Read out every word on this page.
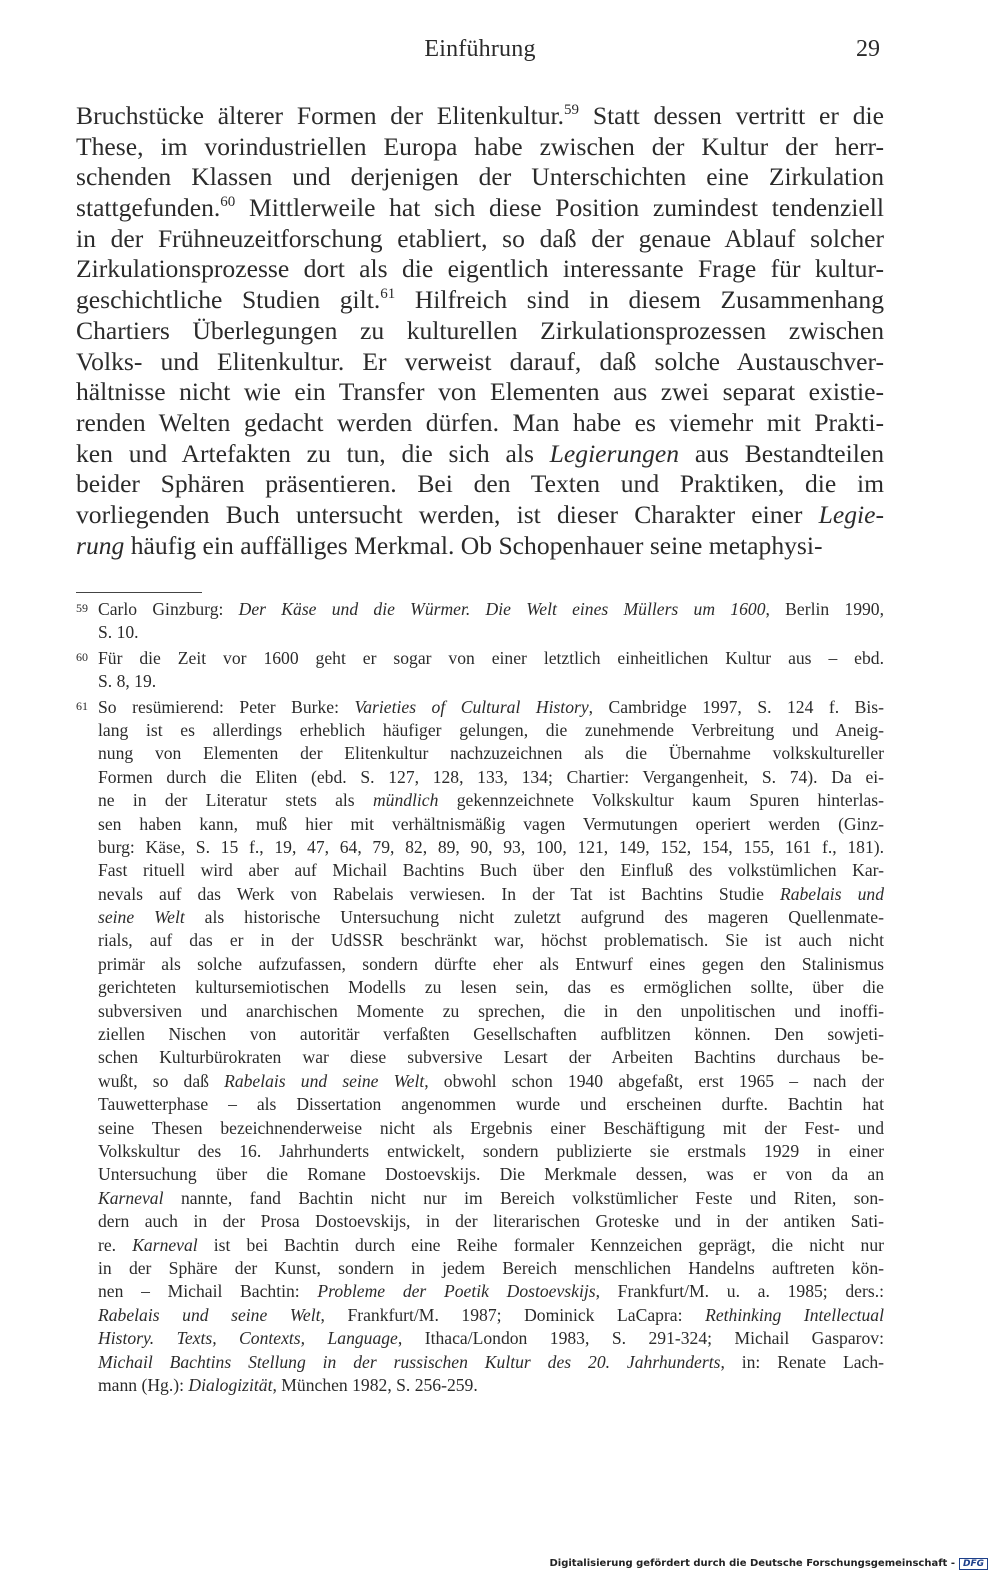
Einführung	29
Bruchstücke älterer Formen der Elitenkultur.$^{59}$ Statt dessen vertritt er die
These, im vorindustriellen Europa habe zwischen der Kultur der herr-
schenden Klassen und derjenigen der Unterschichten eine Zirkulation
stattgefunden.$^{60}$ Mittlerweile hat sich diese Position zumindest tendenziell
in der Frühneuzeitforschung etabliert, so daß der genaue Ablauf solcher
Zirkulationsprozesse dort als die eigentlich interessante Frage für kultur-
geschichtliche Studien gilt.$^{61}$ Hilfreich sind in diesem Zusammenhang
Chartiers Überlegungen zu kulturellen Zirkulationsprozessen zwischen
Volks- und Elitenkultur. Er verweist darauf, daß solche Austauschver-
hältnisse nicht wie ein Transfer von Elementen aus zwei separat existie-
renden Welten gedacht werden dürfen. Man habe es viemehr mit Prakti-
ken und Artefakten zu tun, die sich als Legierungen aus Bestandteilen
beider Sphären präsentieren. Bei den Texten und Praktiken, die im
vorliegenden Buch untersucht werden, ist dieser Charakter einer Legie-
rung häufig ein auffälliges Merkmal. Ob Schopenhauer seine metaphysi-
59 Carlo Ginzburg: Der Käse und die Würmer. Die Welt eines Müllers um 1600, Berlin 1990,
S. 10.
60 Für die Zeit vor 1600 geht er sogar von einer letztlich einheitlichen Kultur aus – ebd.
S. 8, 19.
61 So resümierend: Peter Burke: Varieties of Cultural History, Cambridge 1997, S. 124 f. Bis-
lang ist es allerdings erheblich häufiger gelungen, die zunehmende Verbreitung und Aneig-
nung von Elementen der Elitenkultur nachzuzeichnen als die Übernahme volkskultureller
Formen durch die Eliten (ebd. S. 127, 128, 133, 134; Chartier: Vergangenheit, S. 74). Da ei-
ne in der Literatur stets als mündlich gekennzeichnete Volkskultur kaum Spuren hinterlas-
sen haben kann, muß hier mit verhältnismäßig vagen Vermutungen operiert werden (Ginz-
burg: Käse, S. 15 f., 19, 47, 64, 79, 82, 89, 90, 93, 100, 121, 149, 152, 154, 155, 161 f., 181).
Fast rituell wird aber auf Michail Bachtins Buch über den Einfluß des volkstümlichen Kar-
nevals auf das Werk von Rabelais verwiesen. In der Tat ist Bachtins Studie Rabelais und
seine Welt als historische Untersuchung nicht zuletzt aufgrund des mageren Quellenmate-
rials, auf das er in der UdSSR beschränkt war, höchst problematisch. Sie ist auch nicht
primär als solche aufzufassen, sondern dürfte eher als Entwurf eines gegen den Stalinismus
gerichteten kultursemiotischen Modells zu lesen sein, das es ermöglichen sollte, über die
subversiven und anarchischen Momente zu sprechen, die in den unpolitischen und inoffi-
ziellen Nischen von autoritär verfaßten Gesellschaften aufblitzen können. Den sowjeti-
schen Kulturbürokraten war diese subversive Lesart der Arbeiten Bachtins durchaus be-
wußt, so daß Rabelais und seine Welt, obwohl schon 1940 abgefaßt, erst 1965 – nach der
Tauwetterphase – als Dissertation angenommen wurde und erscheinen durfte. Bachtin hat
seine Thesen bezeichnenderweise nicht als Ergebnis einer Beschäftigung mit der Fest- und
Volkskultur des 16. Jahrhunderts entwickelt, sondern publizierte sie erstmals 1929 in einer
Untersuchung über die Romane Dostoevskijs. Die Merkmale dessen, was er von da an
Karneval nannte, fand Bachtin nicht nur im Bereich volkstümlicher Feste und Riten, son-
dern auch in der Prosa Dostoevskijs, in der literarischen Groteske und in der antiken Sati-
re. Karneval ist bei Bachtin durch eine Reihe formaler Kennzeichen geprägt, die nicht nur
in der Sphäre der Kunst, sondern in jedem Bereich menschlichen Handelns auftreten kön-
nen – Michail Bachtin: Probleme der Poetik Dostoevskijs, Frankfurt/M. u. a. 1985; ders.:
Rabelais und seine Welt, Frankfurt/M. 1987; Dominick LaCapra: Rethinking Intellectual
History. Texts, Contexts, Language, Ithaca/London 1983, S. 291-324; Michail Gasparov:
Michail Bachtins Stellung in der russischen Kultur des 20. Jahrhunderts, in: Renate Lach-
mann (Hg.): Dialogizität, München 1982, S. 256-259.
Digitalisierung gefördert durch die Deutsche Forschungsgemeinschaft - DFG
